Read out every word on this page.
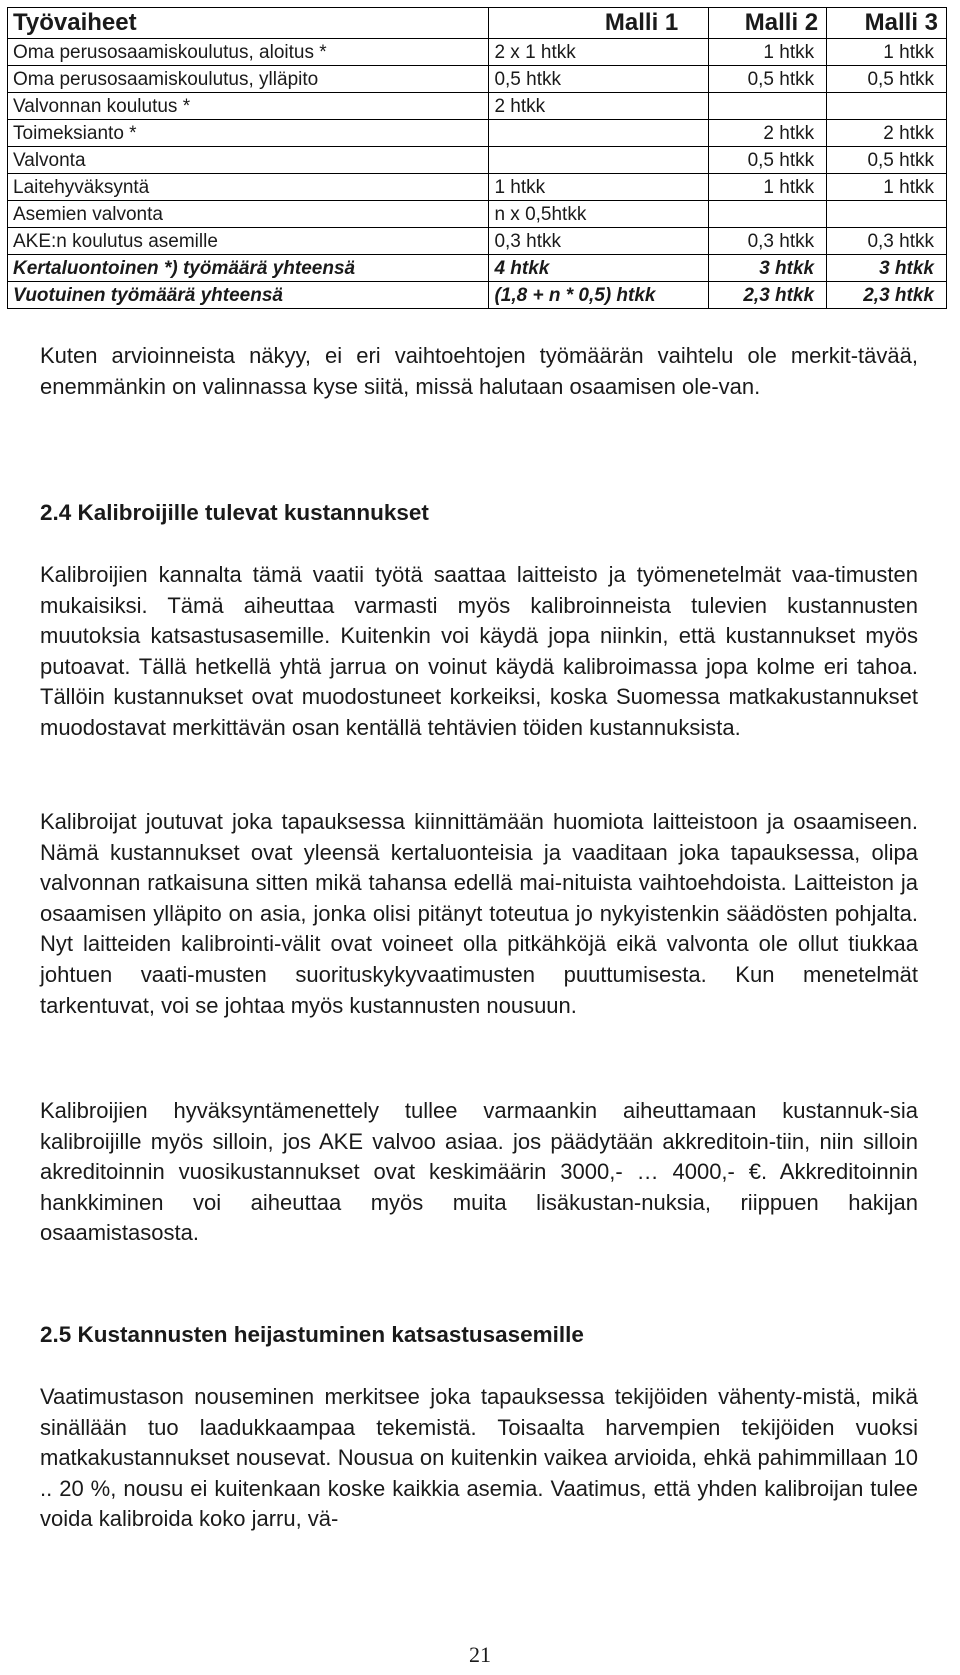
Työvaiheet	Malli 1	Malli 2	Malli 3
Oma perusosaamiskoulutus, aloitus *	2 x 1 htkk	1 htkk	1 htkk
Oma perusosaamiskoulutus, ylläpito	0,5 htkk	0,5 htkk	0,5 htkk
Valvonnan koulutus *	2 htkk		
Toimeksianto *		2 htkk	2 htkk
Valvonta		0,5 htkk	0,5 htkk
Laitehyväksyntä	1 htkk	1 htkk	1 htkk
Asemien valvonta	n x 0,5htkk		
AKE:n koulutus asemille	0,3 htkk	0,3 htkk	0,3 htkk
Kertaluontoinen *) työmäärä yhteensä	4 htkk	3 htkk	3 htkk
Vuotuinen työmäärä yhteensä	(1,8 + n * 0,5) htkk	2,3 htkk	2,3 htkk

Kuten arvioinneista näkyy, ei eri vaihtoehtojen työmäärän vaihtelu ole merkit-tävää, enemmänkin on valinnassa kyse siitä, missä halutaan osaamisen ole-van.

2.4 Kalibroijille tulevat kustannukset

Kalibroijien kannalta tämä vaatii työtä saattaa laitteisto ja työmenetelmät vaa-timusten mukaisiksi. Tämä aiheuttaa varmasti myös kalibroinneista tulevien kustannusten muutoksia katsastusasemille. Kuitenkin voi käydä jopa niinkin, että kustannukset myös putoavat. Tällä hetkellä yhtä jarrua on voinut käydä kalibroimassa jopa kolme eri tahoa. Tällöin kustannukset ovat muodostuneet korkeiksi, koska Suomessa matkakustannukset muodostavat merkittävän osan kentällä tehtävien töiden kustannuksista.

Kalibroijat joutuvat joka tapauksessa kiinnittämään huomiota laitteistoon ja osaamiseen. Nämä kustannukset ovat yleensä kertaluonteisia ja vaaditaan joka tapauksessa, olipa valvonnan ratkaisuna sitten mikä tahansa edellä mai-nituista vaihtoehdoista. Laitteiston ja osaamisen ylläpito on asia, jonka olisi pitänyt toteutua jo nykyistenkin säädösten pohjalta. Nyt laitteiden kalibrointi-välit ovat voineet olla pitkähköjä eikä valvonta ole ollut tiukkaa johtuen vaati-musten suorituskykyvaatimusten puuttumisesta. Kun menetelmät tarkentuvat, voi se johtaa myös kustannusten nousuun.

Kalibroijien hyväksyntämenettely tullee varmaankin aiheuttamaan kustannuk-sia kalibroijille myös silloin, jos AKE valvoo asiaa. jos päädytään akkreditoin-tiin, niin silloin akreditoinnin vuosikustannukset ovat keskimäärin 3000,- … 4000,- €. Akkreditoinnin hankkiminen voi aiheuttaa myös muita lisäkustan-nuksia, riippuen hakijan osaamistasosta.

2.5 Kustannusten heijastuminen katsastusasemille

Vaatimustason nouseminen merkitsee joka tapauksessa tekijöiden vähenty-mistä, mikä sinällään tuo laadukkaampaa tekemistä. Toisaalta harvempien tekijöiden vuoksi matkakustannukset nousevat. Nousua on kuitenkin vaikea arvioida, ehkä pahimmillaan 10 .. 20 %, nousu ei kuitenkaan koske kaikkia asemia. Vaatimus, että yhden kalibroijan tulee voida kalibroida koko jarru, vä-

21
